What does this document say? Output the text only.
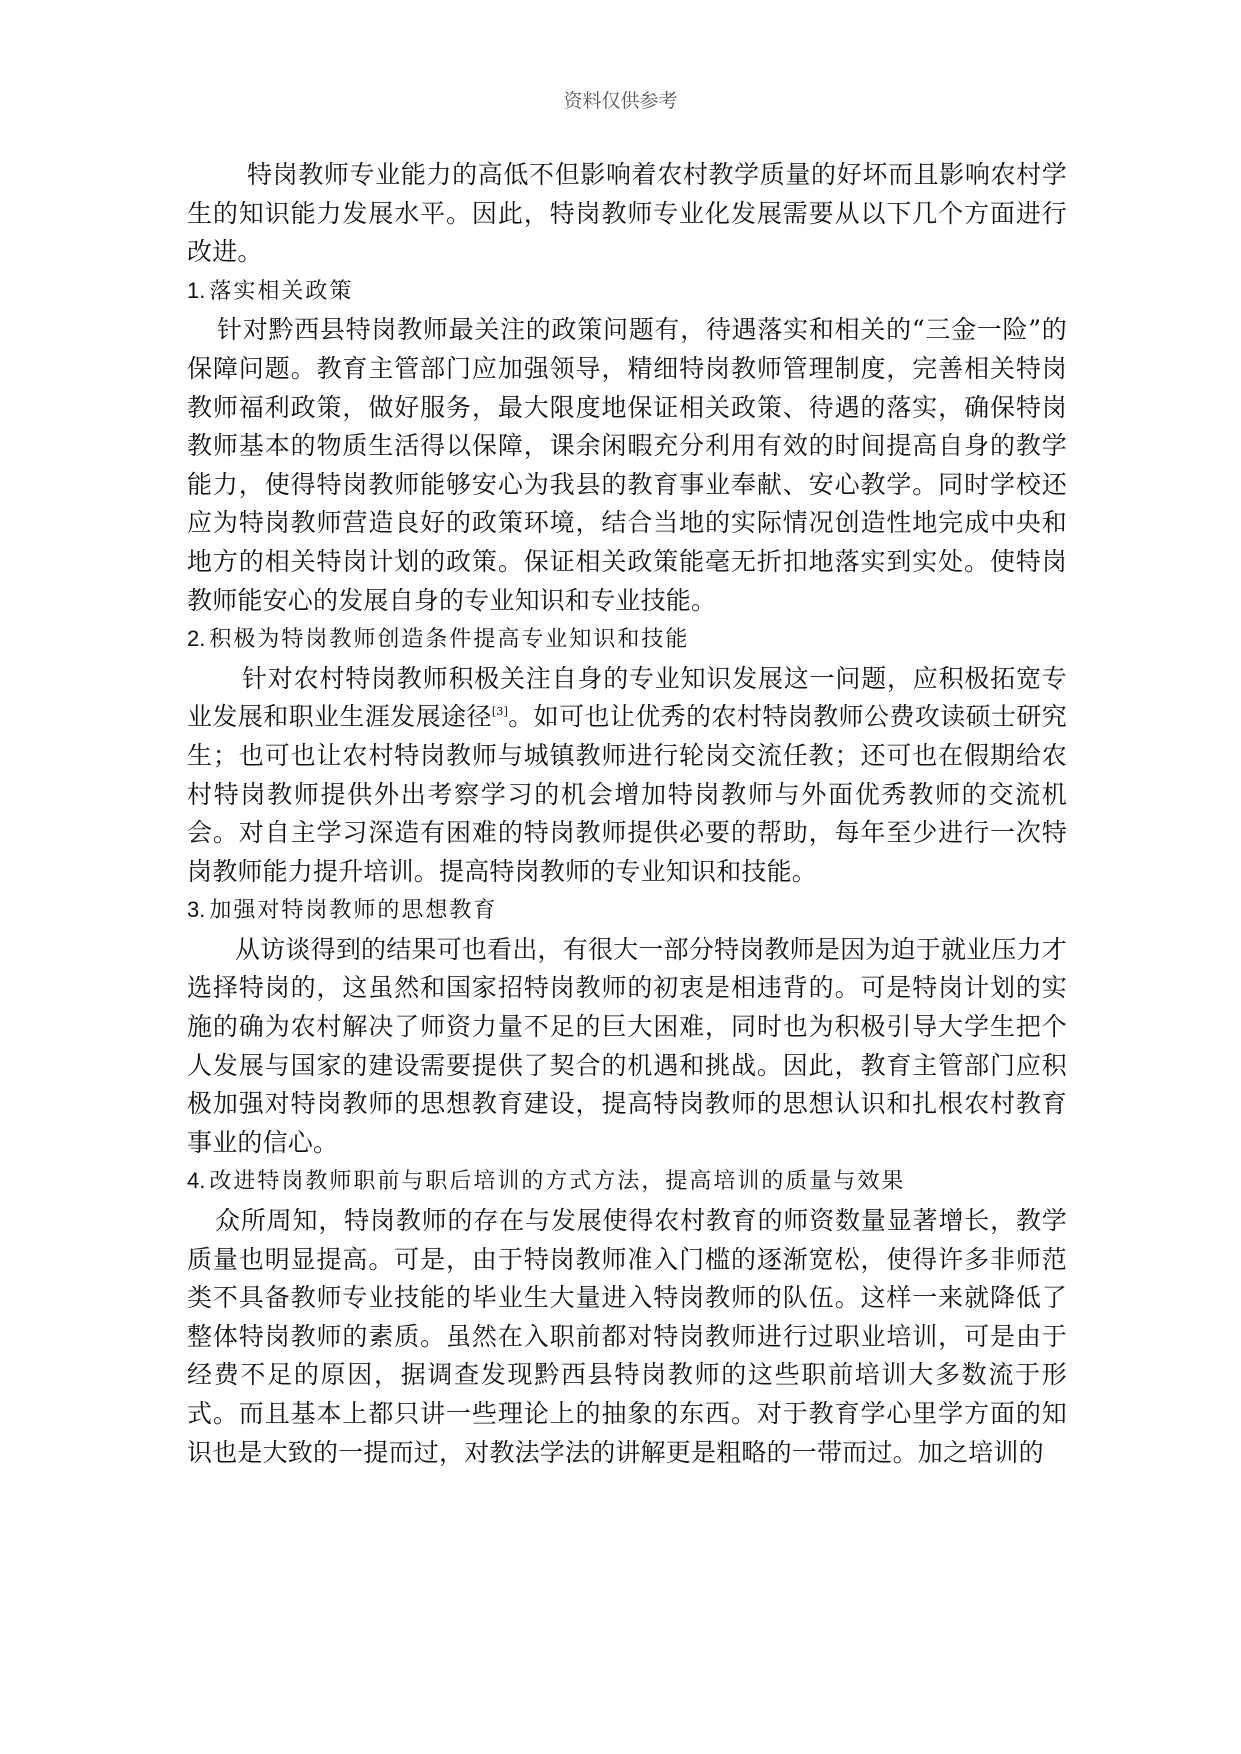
资料仅供参考

特岗教师专业能力的高低不但影响着农村教学质量的好坏而且影响农村学生的知识能力发展水平。因此，特岗教师专业化发展需要从以下几个方面进行改进。

1. 落实相关政策

针对黔西县特岗教师最关注的政策问题有，待遇落实和相关的“三金一险”的保障问题。教育主管部门应加强领导，精细特岗教师管理制度，完善相关特岗教师福利政策，做好服务，最大限度地保证相关政策、待遇的落实，确保特岗教师基本的物质生活得以保障，课余闲暇充分利用有效的时间提高自身的教学能力，使得特岗教师能够安心为我县的教育事业奉献、安心教学。同时学校还应为特岗教师营造良好的政策环境，结合当地的实际情况创造性地完成中央和地方的相关特岗计划的政策。保证相关政策能毫无折扣地落实到实处。使特岗教师能安心的发展自身的专业知识和专业技能。

2. 积极为特岗教师创造条件提高专业知识和技能

针对农村特岗教师积极关注自身的专业知识发展这一问题，应积极拓宽专业发展和职业生涯发展途径[3]。如可也让优秀的农村特岗教师公费攻读硕士研究生；也可也让农村特岗教师与城镇教师进行轮岗交流任教；还可也在假期给农村特岗教师提供外出考察学习的机会增加特岗教师与外面优秀教师的交流机会。对自主学习深造有困难的特岗教师提供必要的帮助，每年至少进行一次特岗教师能力提升培训。提高特岗教师的专业知识和技能。

3. 加强对特岗教师的思想教育

从访谈得到的结果可也看出，有很大一部分特岗教师是因为迫于就业压力才选择特岗的，这虽然和国家招特岗教师的初衷是相违背的。可是特岗计划的实施的确为农村解决了师资力量不足的巨大困难，同时也为积极引导大学生把个人发展与国家的建设需要提供了契合的机遇和挑战。因此，教育主管部门应积极加强对特岗教师的思想教育建设，提高特岗教师的思想认识和扎根农村教育事业的信心。

4. 改进特岗教师职前与职后培训的方式方法，提高培训的质量与效果

众所周知，特岗教师的存在与发展使得农村教育的师资数量显著增长，教学质量也明显提高。可是，由于特岗教师准入门槛的逐渐宽松，使得许多非师范类不具备教师专业技能的毕业生大量进入特岗教师的队伍。这样一来就降低了整体特岗教师的素质。虽然在入职前都对特岗教师进行过职业培训，可是由于经费不足的原因，据调查发现黔西县特岗教师的这些职前培训大多数流于形式。而且基本上都只讲一些理论上的抽象的东西。对于教育学心里学方面的知识也是大致的一提而过，对教法学法的讲解更是粗略的一带而过。加之培训的
